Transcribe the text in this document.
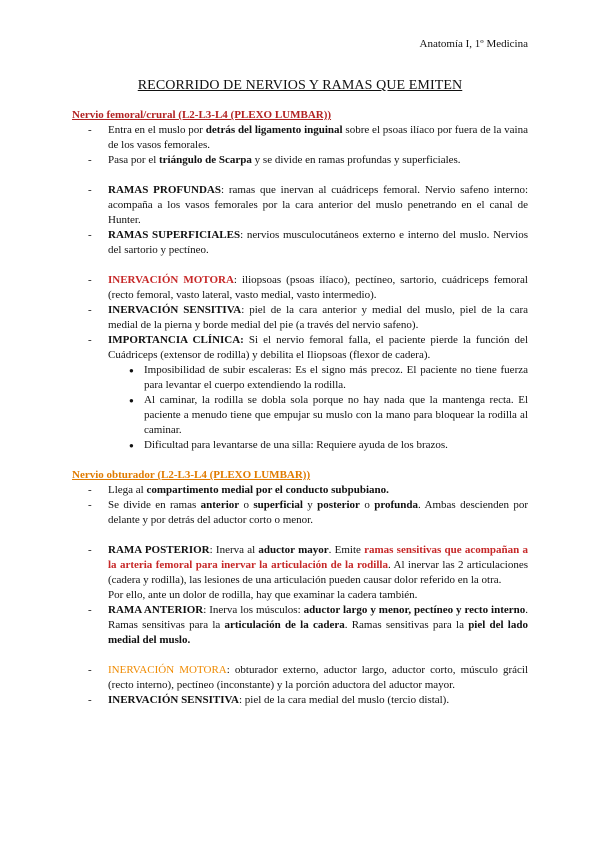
Anatomía I, 1º Medicina
RECORRIDO DE NERVIOS Y RAMAS QUE EMITEN

Nervio femoral/crural (L2-L3-L4 (PLEXO LUMBAR))

- Entra en el muslo por detrás del ligamento inguinal sobre el psoas ilíaco por fuera de la vaina de los vasos femorales.
- Pasa por el triángulo de Scarpa y se divide en ramas profundas y superficiales.
- RAMAS PROFUNDAS: ramas que inervan al cuádriceps femoral. Nervio safeno interno: acompaña a los vasos femorales por la cara anterior del muslo penetrando en el canal de Hunter.
- RAMAS SUPERFICIALES: nervios musculocutáneos externo e interno del muslo. Nervios del sartorio y pectíneo.
- INERVACIÓN MOTORA: iliopsoas (psoas ilíaco), pectíneo, sartorio, cuádriceps femoral (recto femoral, vasto lateral, vasto medial, vasto intermedio).
- INERVACIÓN SENSITIVA: piel de la cara anterior y medial del muslo, piel de la cara medial de la pierna y borde medial del pie (a través del nervio safeno).
- IMPORTANCIA CLÍNICA: Si el nervio femoral falla, el paciente pierde la función del Cuádriceps (extensor de rodilla) y debilita el Iliopsoas (flexor de cadera).
● Imposibilidad de subir escaleras: Es el signo más precoz. El paciente no tiene fuerza para levantar el cuerpo extendiendo la rodilla.
● Al caminar, la rodilla se dobla sola porque no hay nada que la mantenga recta. El paciente a menudo tiene que empujar su muslo con la mano para bloquear la rodilla al caminar.
● Dificultad para levantarse de una silla: Requiere ayuda de los brazos.

Nervio obturador (L2-L3-L4 (PLEXO LUMBAR))

- Llega al compartimento medial por el conducto subpubiano.
- Se divide en ramas anterior o superficial y posterior o profunda. Ambas descienden por delante y por detrás del aductor corto o menor.
- RAMA POSTERIOR: Inerva al aductor mayor. Emite ramas sensitivas que acompañan a la arteria femoral para inervar la articulación de la rodilla. Al inervar las 2 articulaciones (cadera y rodilla), las lesiones de una articulación pueden causar dolor referido en la otra.
Por ello, ante un dolor de rodilla, hay que examinar la cadera también.
- RAMA ANTERIOR: Inerva los músculos: aductor largo y menor, pectíneo y recto interno. Ramas sensitivas para la articulación de la cadera. Ramas sensitivas para la piel del lado medial del muslo.
- INERVACIÓN MOTORA: obturador externo, aductor largo, aductor corto, músculo grácil (recto interno), pectíneo (inconstante) y la porción aductora del aductor mayor.
- INERVACIÓN SENSITIVA: piel de la cara medial del muslo (tercio distal).
